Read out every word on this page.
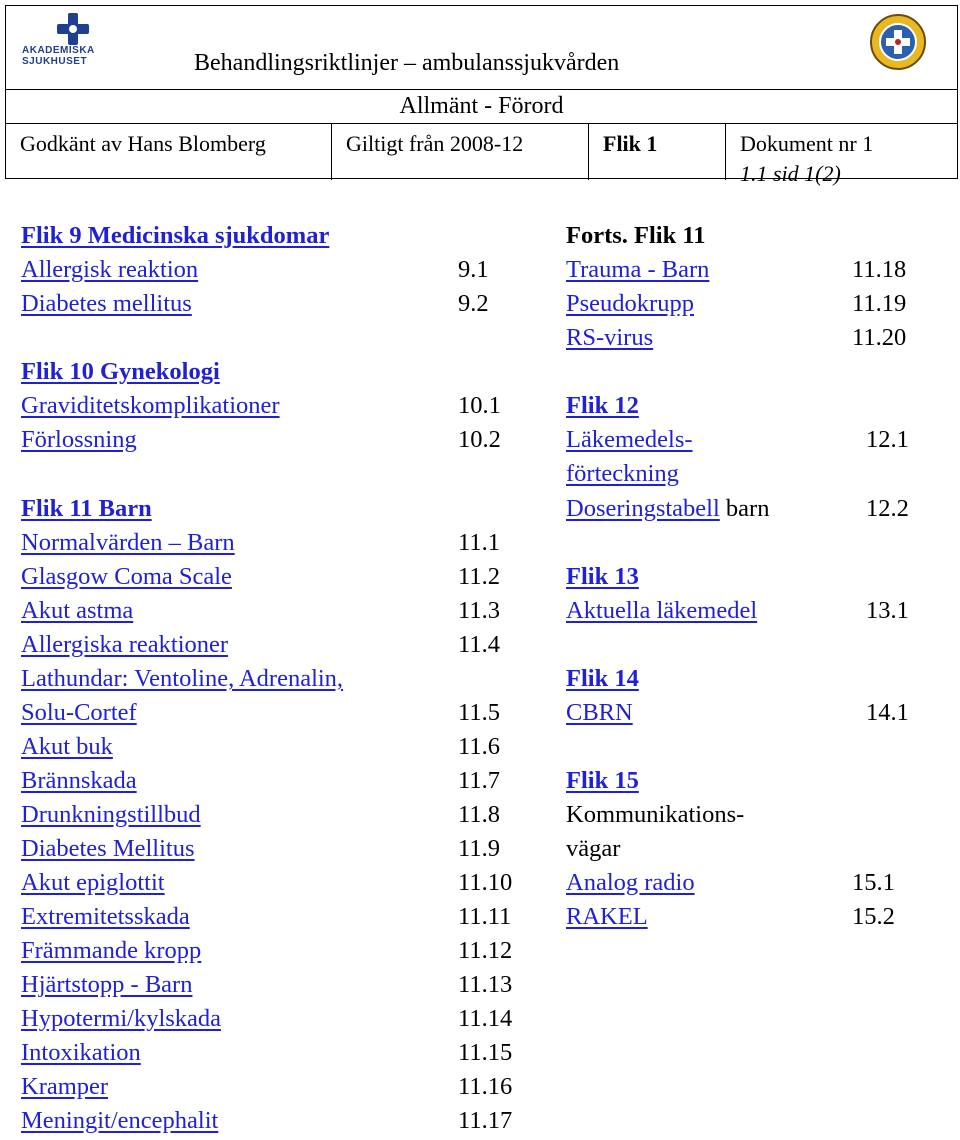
AKADEMISKA SJUKHUSET	Behandlingsriktlinjer – ambulanssjukvården
Allmänt - Förord
Godkänt av Hans Blomberg	Giltigt från 2008-12	Flik 1	Dokument nr 1
1.1 sid 1(2)
Flik 9 Medicinska sjukdomar
Allergisk reaktion	9.1
Diabetes mellitus	9.2
Flik 10 Gynekologi
Graviditetskomplikationer	10.1
Förlossning	10.2
Flik 11 Barn
Normalvärden – Barn	11.1
Glasgow Coma Scale	11.2
Akut astma	11.3
Allergiska reaktioner	11.4
Lathundar: Ventoline, Adrenalin,
Solu-Cortef	11.5
Akut buk	11.6
Brännskada	11.7
Drunkningstillbud	11.8
Diabetes Mellitus	11.9
Akut epiglottit	11.10
Extremitetsskada	11.11
Främmande kropp	11.12
Hjärtstopp - Barn	11.13
Hypotermi/kylskada	11.14
Intoxikation	11.15
Kramper	11.16
Meningit/encephalit	11.17
Forts. Flik 11
Trauma - Barn	11.18
Pseudokrupp	11.19
RS-virus	11.20
Flik 12
Läkemedels-	12.1
förteckning
Doseringstabell barn	12.2
Flik 13
Aktuella läkemedel	13.1
Flik 14
CBRN	14.1
Flik 15
Kommunikations-
vägar
Analog radio	15.1
RAKEL	15.2
